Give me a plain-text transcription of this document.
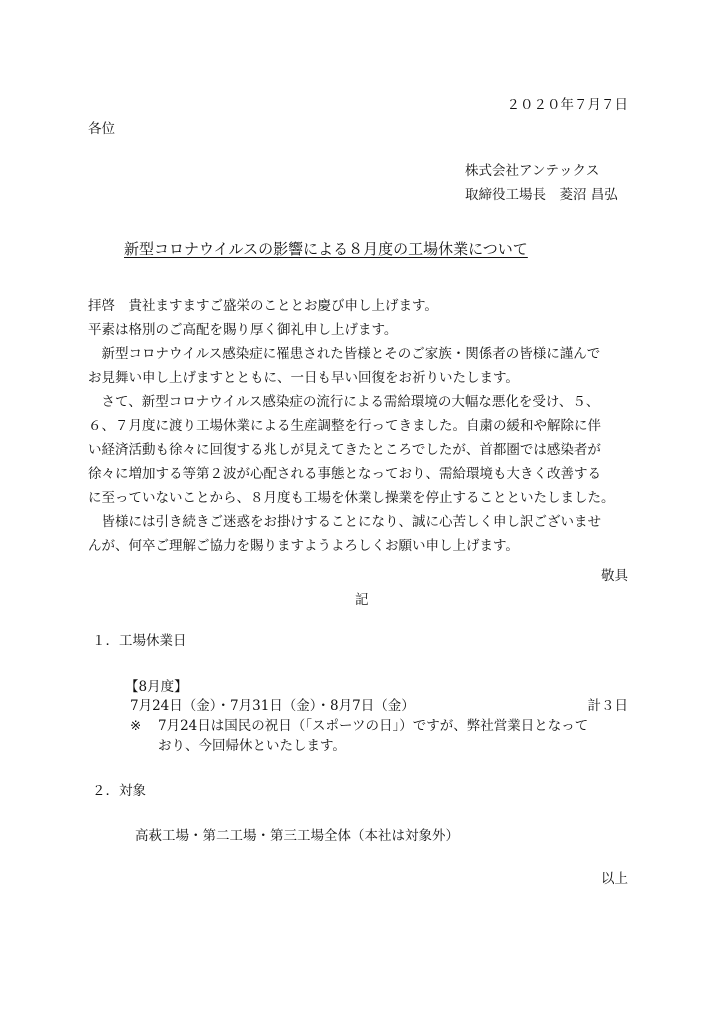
２０２０年７月７日
各位
株式会社アンテックス
取締役工場長　菱沼 昌弘
新型コロナウイルスの影響による８月度の工場休業について
拝啓　貴社ますますご盛栄のこととお慶び申し上げます。
平素は格別のご高配を賜り厚く御礼申し上げます。
　新型コロナウイルス感染症に罹患された皆様とそのご家族・関係者の皆様に謹んで
お見舞い申し上げますとともに、一日も早い回復をお祈りいたします。
　さて、新型コロナウイルス感染症の流行による需給環境の大幅な悪化を受け、５、
６、７月度に渡り工場休業による生産調整を行ってきました。自粛の緩和や解除に伴
い経済活動も徐々に回復する兆しが見えてきたところでしたが、首都圏では感染者が
徐々に増加する等第２波が心配される事態となっており、需給環境も大きく改善する
に至っていないことから、８月度も工場を休業し操業を停止することといたしました。
　皆様には引き続きご迷惑をお掛けすることになり、誠に心苦しく申し訳ございませ
んが、何卒ご理解ご協力を賜りますようよろしくお願い申し上げます。
敬具
記
１．工場休業日
【8月度】
7月24日（金）・7月31日（金）・8月7日（金）	計３日
※ 7月24日は国民の祝日（「スポーツの日」）ですが、弊社営業日となって
おり、今回帰休といたします。
２．対象
高萩工場・第二工場・第三工場全体（本社は対象外）
以上
